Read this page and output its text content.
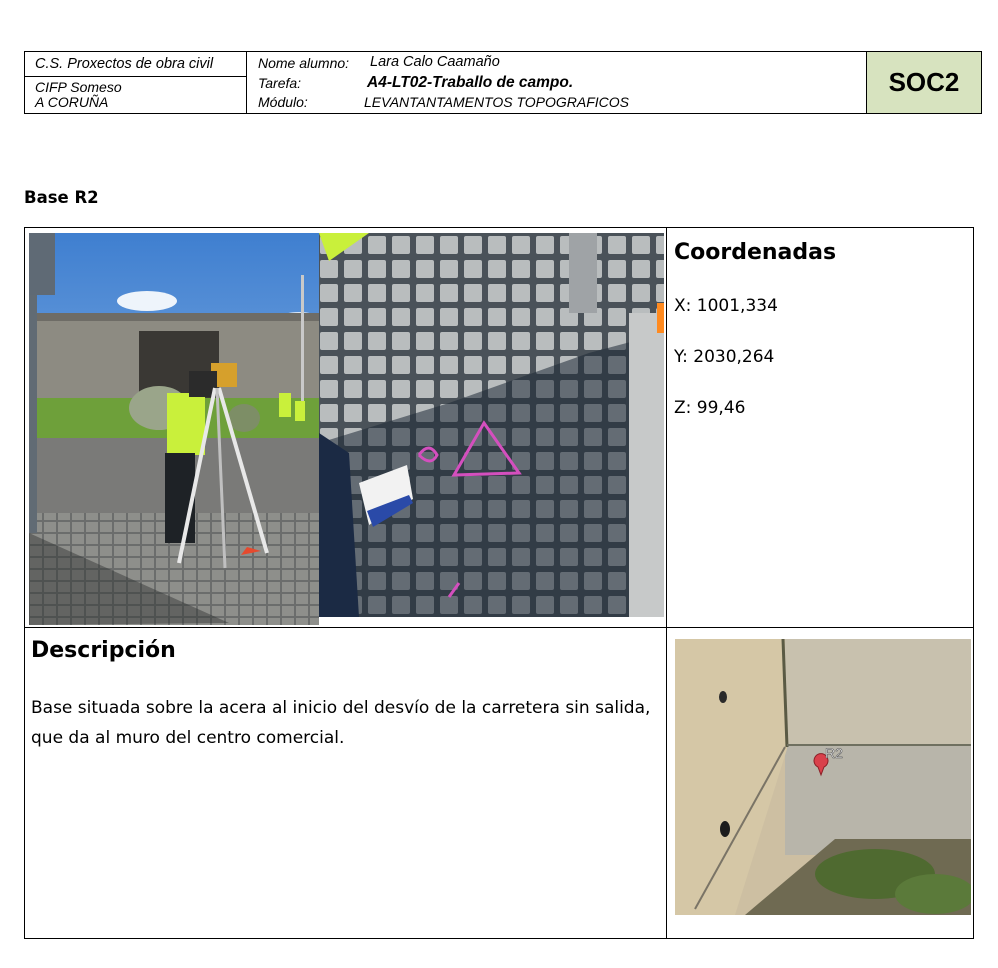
C.S. Proxectos de obra civil
CIFP Someso
A CORUÑA
Nome alumno: Lara Calo Caamaño
Tarefa:	A4-LT02-Traballo de campo.
Módulo:	LEVANTANTAMENTOS TOPOGRAFICOS
SOC2
Base R2
Coordenadas
X: 1001,334
Y: 2030,264
Z: 99,46
Descripción
Base situada sobre la acera al inicio del desvío de la carretera sin salida, que da al muro del centro comercial.
R2
